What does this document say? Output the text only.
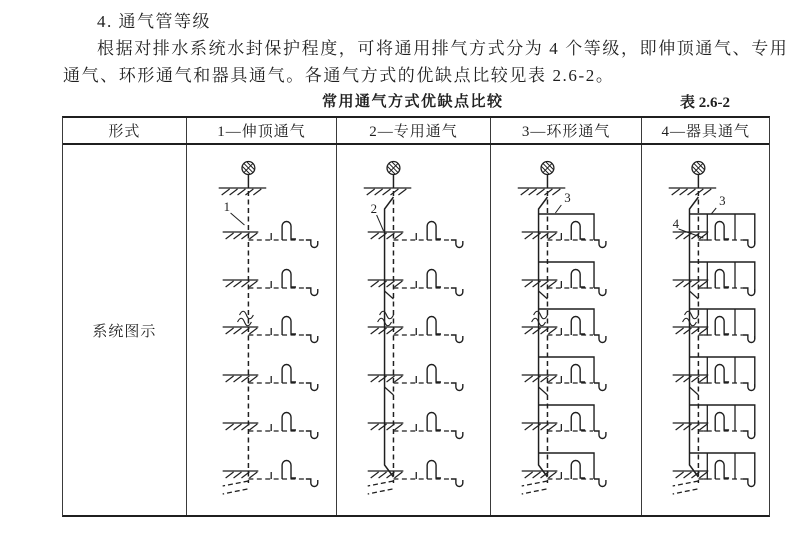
4. 通气管等级
根据对排水系统水封保护程度，可将通用排气方式分为 4 个等级，即伸顶通气、专用
通气、环形通气和器具通气。各通气方式的优缺点比较见表 2.6-2。
常用通气方式优缺点比较	表 2.6-2
形式	1—伸顶通气	2—专用通气	3—环形通气	4—器具通气
系统图示
1	2
3	3
4
